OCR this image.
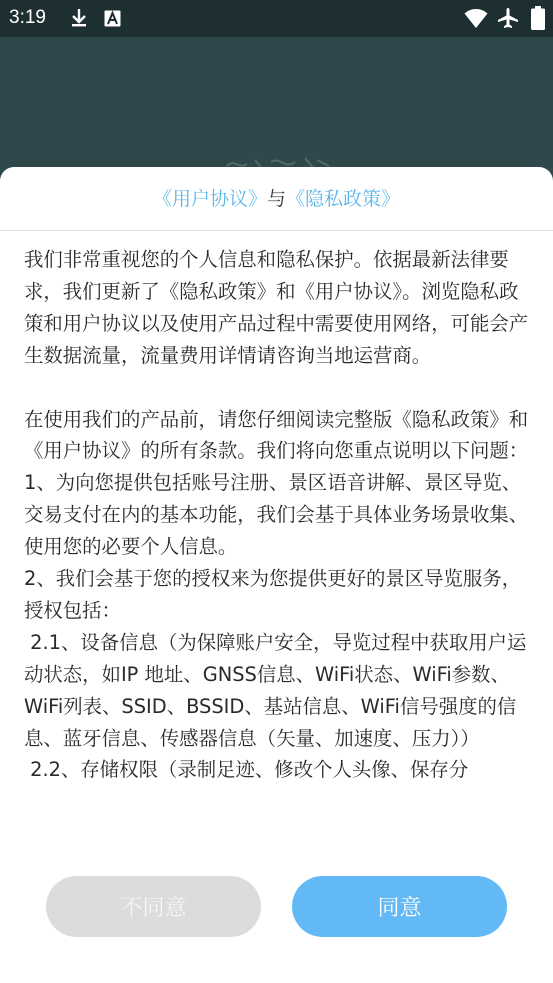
3:19
《用户协议》与《隐私政策》

我们非常重视您的个人信息和隐私保护。依据最新法律要求，我们更新了《隐私政策》和《用户协议》。浏览隐私政策和用户协议以及使用产品过程中需要使用网络，可能会产生数据流量，流量费用详情请咨询当地运营商。

在使用我们的产品前，请您仔细阅读完整版《隐私政策》和《用户协议》的所有条款。我们将向您重点说明以下问题：

1、为向您提供包括账号注册、景区语音讲解、景区导览、交易支付在内的基本功能，我们会基于具体业务场景收集、使用您的必要个人信息。

2、我们会基于您的授权来为您提供更好的景区导览服务，授权包括：

2.1、设备信息（为保障账户安全，导览过程中获取用户运动状态，如IP 地址、GNSS信息、WiFi状态、WiFi参数、WiFi列表、SSID、BSSID、基站信息、WiFi信号强度的信息、蓝牙信息、传感器信息（矢量、加速度、压力））

2.2、存储权限（录制足迹、修改个人头像、保存分

不同意	同意
